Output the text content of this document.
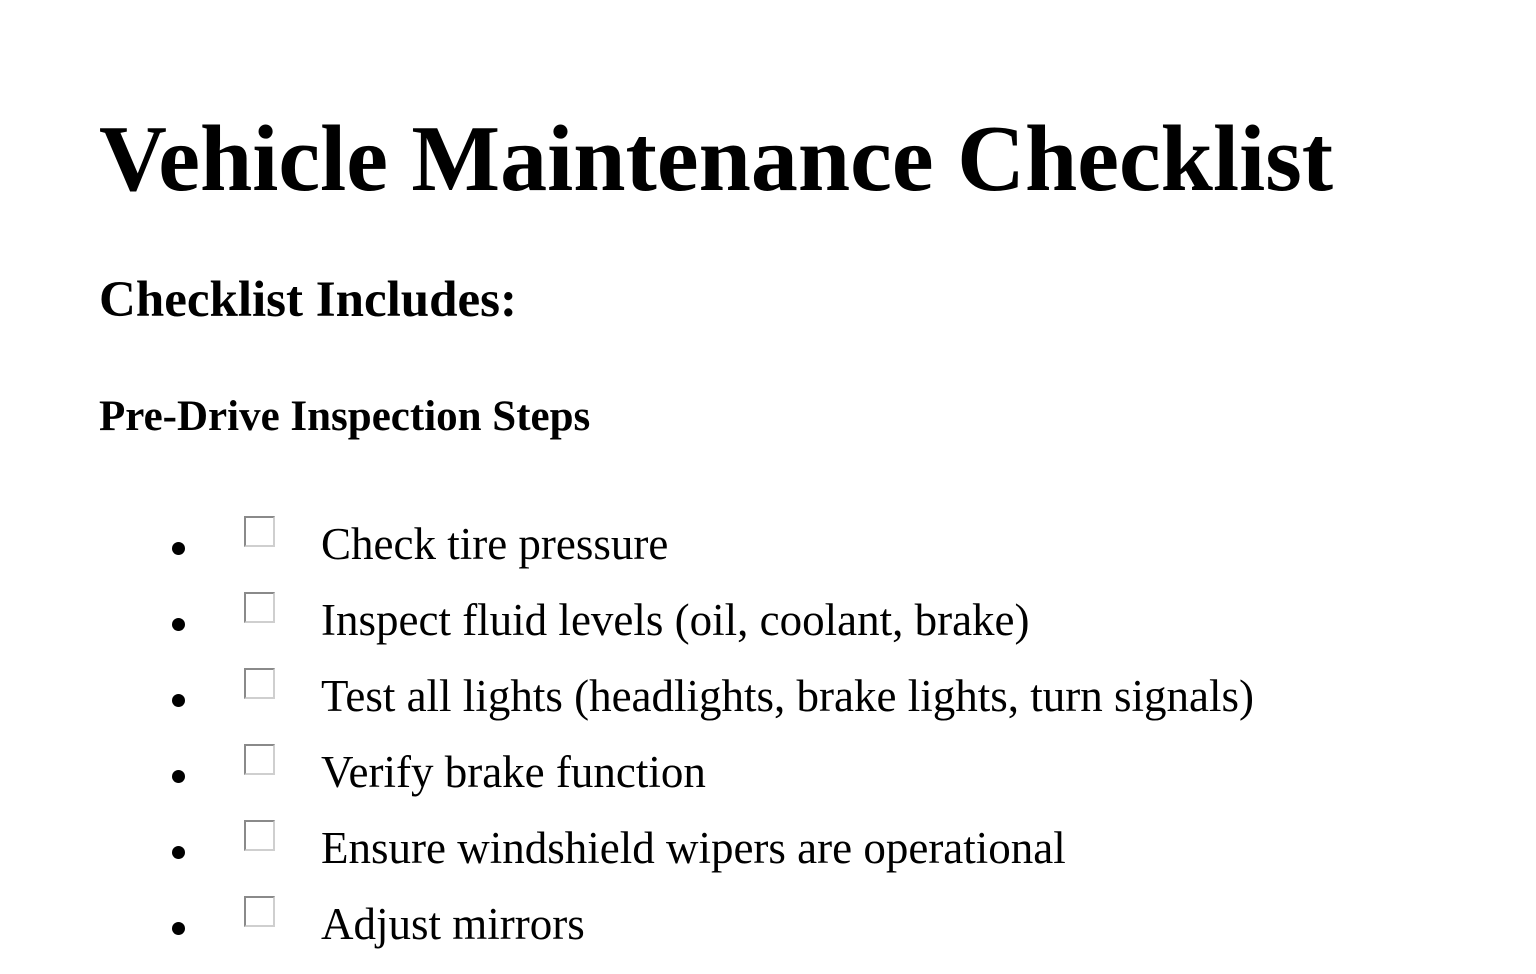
Vehicle Maintenance Checklist
Checklist Includes:
Pre-Drive Inspection Steps
Check tire pressure
Inspect fluid levels (oil, coolant, brake)
Test all lights (headlights, brake lights, turn signals)
Verify brake function
Ensure windshield wipers are operational
Adjust mirrors
